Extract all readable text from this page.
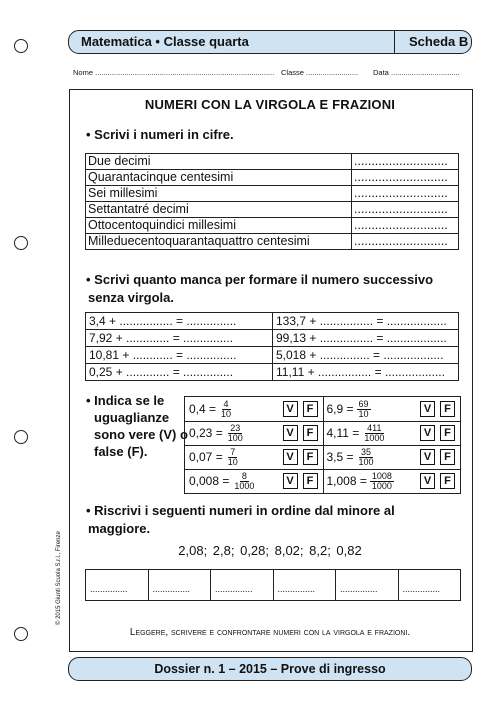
Matematica • Classe quarta	Scheda B
Nome ...................................................................................... Classe ......................... Data .................................
NUMERI CON LA VIRGOLA E FRAZIONI
• Scrivi i numeri in cifre.
Due decimi	...........................
Quarantacinque centesimi	...........................
Sei millesimi	...........................
Settantatré decimi	...........................
Ottocentoquindici millesimi	...........................
Milleduecentoquarantaquattro centesimi	...........................
• Scrivi quanto manca per formare il numero successivo
senza virgola.
3,4 + ................ = ...............	133,7 + ................ = ..................
7,92 + ............. = ...............	99,13 + ................ = ..................
10,81 + ............ = ...............	5,018 + ............... = ..................
0,25 + ............. = ...............	11,11 + ................ = ..................
• Indica se le
uguaglianze
sono vere (V) o
false (F).
$0,4 = \frac{4}{10}$	V	F	$6,9 = \frac{69}{10}$	V	F
$0,23 = \frac{23}{100}$	V	F	$4,11 = \frac{411}{1000}$	V	F
$0,07 = \frac{7}{10}$	V	F	$3,5 = \frac{35}{100}$	V	F
$0,008 = \frac{8}{1000}$	V	F	$1,008 = \frac{1008}{1000}$	V	F
• Riscrivi i seguenti numeri in ordine dal minore al
maggiore.
2,08; 2,8; 0,28; 8,02; 8,2; 0,82
...............	...............	...............	...............	...............	...............
Leggere, scrivere e confrontare numeri con la virgola e frazioni.
Dossier n. 1 – 2015 – Prove di ingresso
© 2015 Giunti Scuola S.r.l., Firenze
